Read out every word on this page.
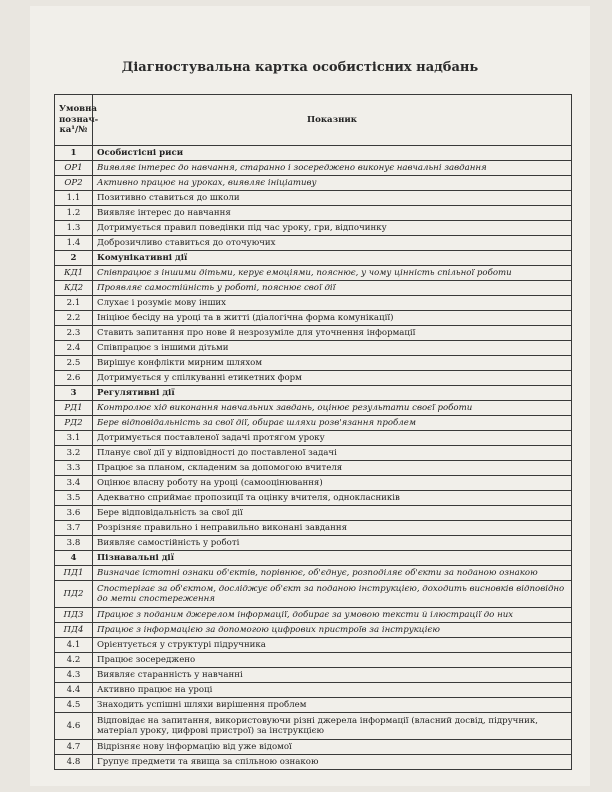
Діагностувальна картка особистісних надбань
Умовна познач-ка¹/№	Показник
1	Особистісні риси
ОР1	Виявляє інтерес до навчання, старанно і зосереджено виконує навчальні завдання
ОР2	Активно працює на уроках, виявляє ініціативу
1.1	Позитивно ставиться до школи
1.2	Виявляє інтерес до навчання
1.3	Дотримується правил поведінки під час уроку, гри, відпочинку
1.4	Доброзичливо ставиться до оточуючих
2	Комунікативні дії
КД1	Співпрацює з іншими дітьми, керує емоціями, пояснює, у чому цінність спільної роботи
КД2	Проявляє самостійність у роботі, пояснює свої дії
2.1	Слухає і розуміє мову інших
2.2	Ініціює бесіду на уроці та в житті (діалогічна форма комунікації)
2.3	Ставить запитання про нове й незрозуміле для уточнення інформації
2.4	Співпрацює з іншими дітьми
2.5	Вирішує конфлікти мирним шляхом
2.6	Дотримується у спілкуванні етикетних форм
3	Регулятивні дії
РД1	Контролює хід виконання навчальних завдань, оцінює результати своєї роботи
РД2	Бере відповідальність за свої дії, обирає шляхи розв'язання проблем
3.1	Дотримується поставленої задачі протягом уроку
3.2	Планує свої дії у відповідності до поставленої задачі
3.3	Працює за планом, складеним за допомогою вчителя
3.4	Оцінює власну роботу на уроці (самооцінювання)
3.5	Адекватно сприймає пропозиції та оцінку вчителя, однокласників
3.6	Бере відповідальність за свої дії
3.7	Розрізняє правильно і неправильно виконані завдання
3.8	Виявляє самостійність у роботі
4	Пізнавальні дії
ПД1	Визначає істотні ознаки об'єктів, порівнює, об'єднує, розподіляє об'єкти за поданою ознакою
ПД2	Спостерігає за об'єктом, досліджує об'єкт за поданою інструкцією, доходить висновків відповідно до мети спостереження
ПД3	Працює з поданим джерелом інформації, добирає за умовою тексти й ілюстрації до них
ПД4	Працює з інформацією за допомогою цифрових пристроїв за інструкцією
4.1	Орієнтується у структурі підручника
4.2	Працює зосереджено
4.3	Виявляє старанність у навчанні
4.4	Активно працює на уроці
4.5	Знаходить успішні шляхи вирішення проблем
4.6	Відповідає на запитання, використовуючи різні джерела інформації (власний досвід, підручник, матеріал уроку, цифрові пристрої) за інструкцією
4.7	Відрізняє нову інформацію від уже відомої
4.8	Групує предмети та явища за спільною ознакою
